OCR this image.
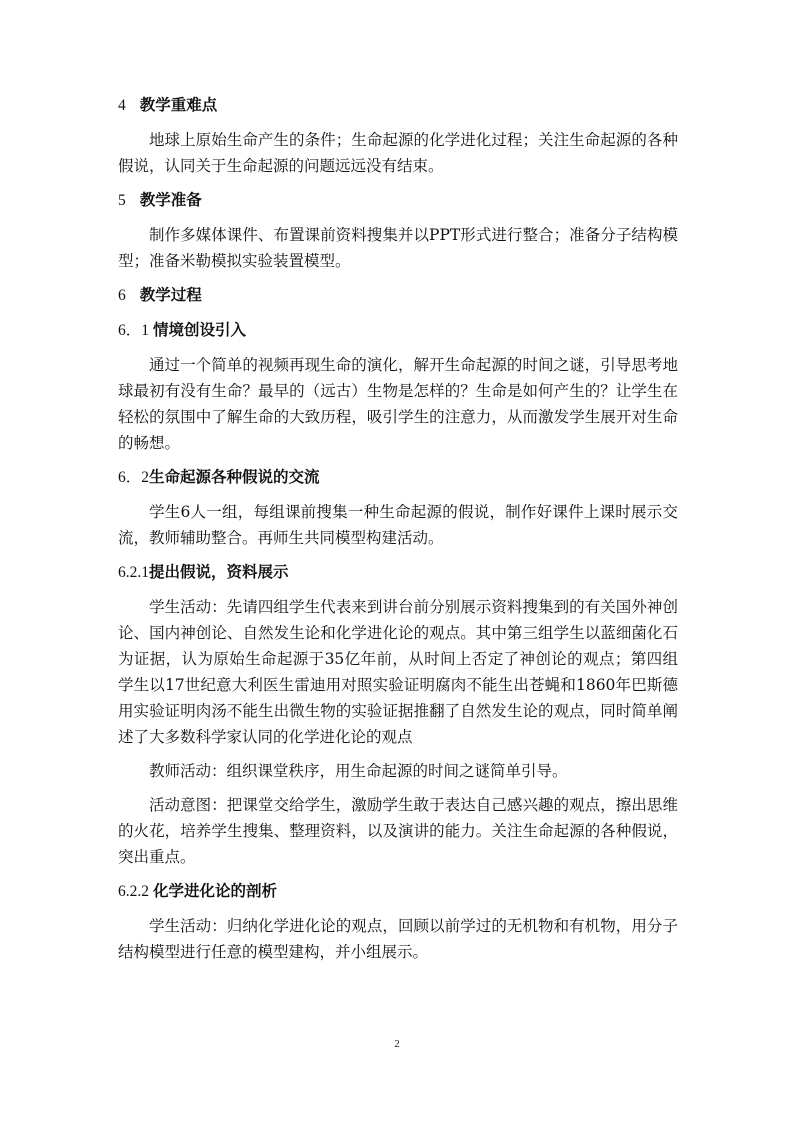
4 教学重难点

地球上原始生命产生的条件；生命起源的化学进化过程；关注生命起源的各种假说，认同关于生命起源的问题远远没有结束。

5 教学准备

制作多媒体课件、布置课前资料搜集并以PPT形式进行整合；准备分子结构模型；准备米勒模拟实验装置模型。

6 教学过程
6．1 情境创设引入

通过一个简单的视频再现生命的演化，解开生命起源的时间之谜，引导思考地球最初有没有生命？最早的（远古）生物是怎样的？生命是如何产生的？让学生在轻松的氛围中了解生命的大致历程，吸引学生的注意力，从而激发学生展开对生命的畅想。

6．2生命起源各种假说的交流

学生6人一组，每组课前搜集一种生命起源的假说，制作好课件上课时展示交流，教师辅助整合。再师生共同模型构建活动。

6.2.1提出假说，资料展示

学生活动：先请四组学生代表来到讲台前分别展示资料搜集到的有关国外神创论、国内神创论、自然发生论和化学进化论的观点。其中第三组学生以蓝细菌化石为证据，认为原始生命起源于35亿年前，从时间上否定了神创论的观点；第四组学生以17世纪意大利医生雷迪用对照实验证明腐肉不能生出苍蝇和1860年巴斯德用实验证明肉汤不能生出微生物的实验证据推翻了自然发生论的观点，同时简单阐述了大多数科学家认同的化学进化论的观点

教师活动：组织课堂秩序，用生命起源的时间之谜简单引导。

活动意图：把课堂交给学生，激励学生敢于表达自己感兴趣的观点，擦出思维的火花，培养学生搜集、整理资料，以及演讲的能力。关注生命起源的各种假说，突出重点。

6.2.2 化学进化论的剖析

学生活动：归纳化学进化论的观点，回顾以前学过的无机物和有机物，用分子结构模型进行任意的模型建构，并小组展示。

2
